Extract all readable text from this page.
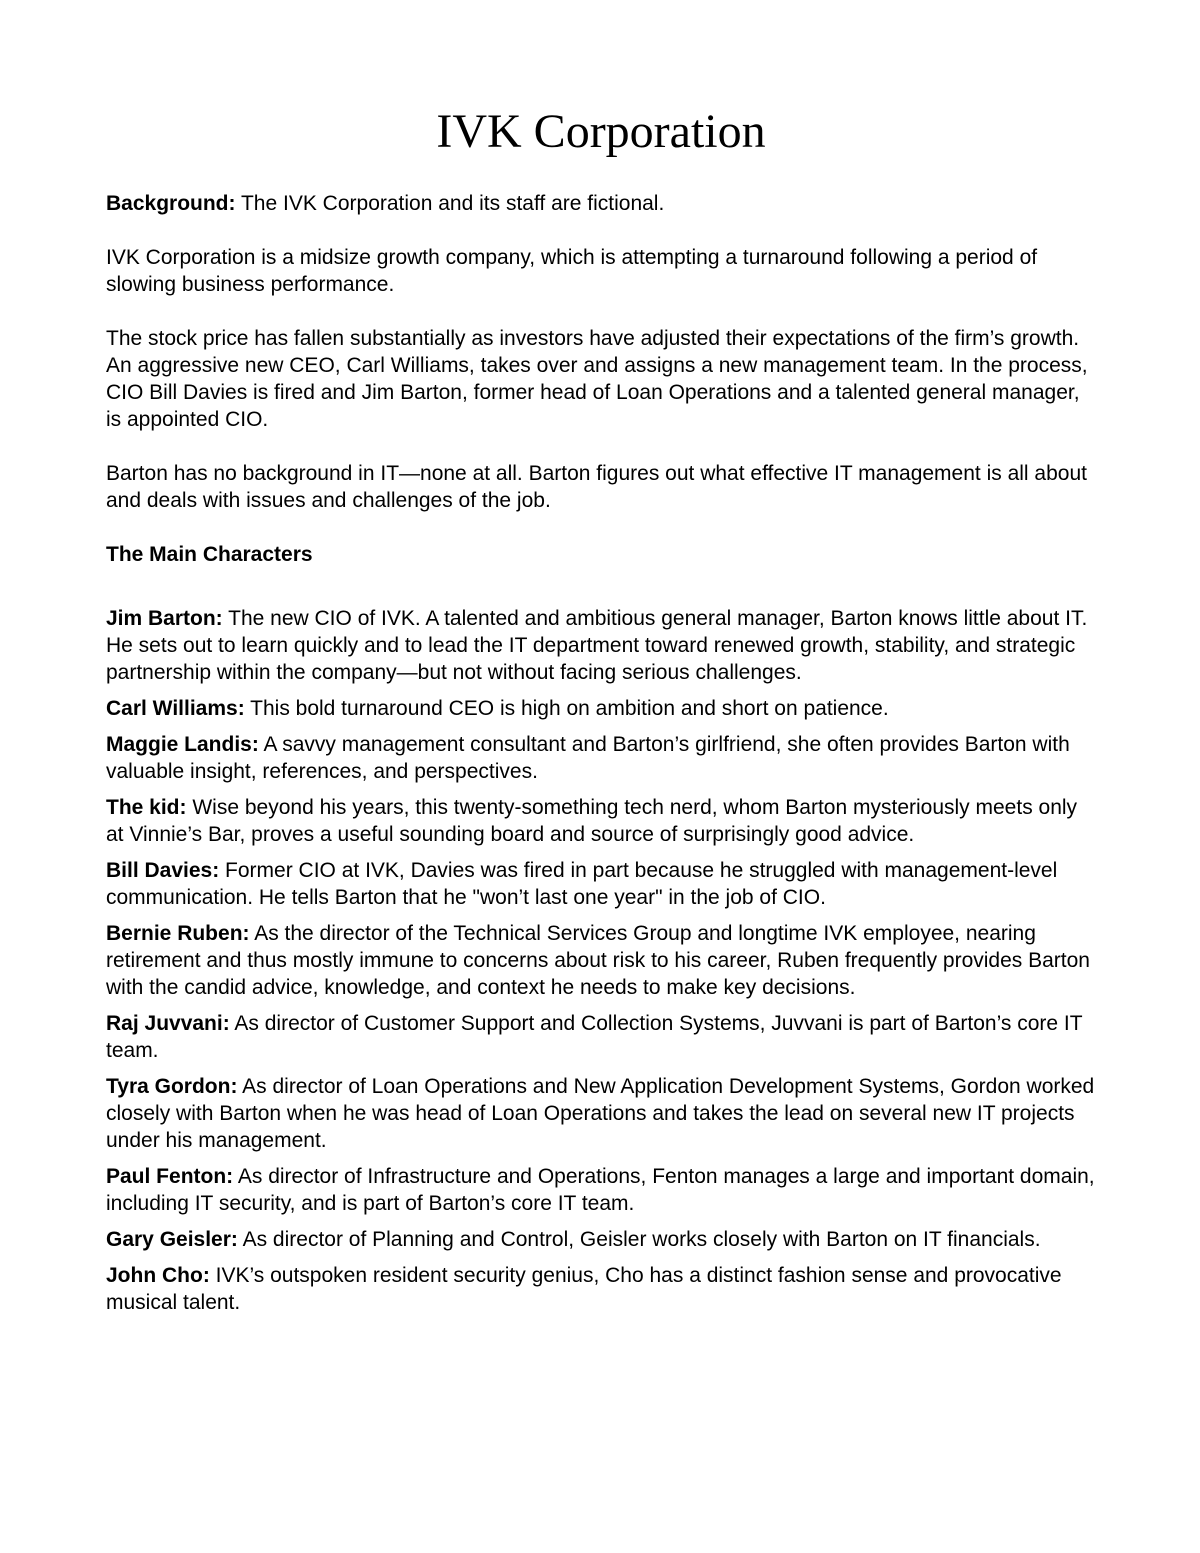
IVK Corporation

Background: The IVK Corporation and its staff are fictional.

IVK Corporation is a midsize growth company, which is attempting a turnaround following a period of slowing business performance.

The stock price has fallen substantially as investors have adjusted their expectations of the firm’s growth. An aggressive new CEO, Carl Williams, takes over and assigns a new management team. In the process, CIO Bill Davies is fired and Jim Barton, former head of Loan Operations and a talented general manager, is appointed CIO.

Barton has no background in IT—none at all. Barton figures out what effective IT management is all about and deals with issues and challenges of the job.

The Main Characters

Jim Barton: The new CIO of IVK. A talented and ambitious general manager, Barton knows little about IT. He sets out to learn quickly and to lead the IT department toward renewed growth, stability, and strategic partnership within the company—but not without facing serious challenges.

Carl Williams: This bold turnaround CEO is high on ambition and short on patience.

Maggie Landis: A savvy management consultant and Barton’s girlfriend, she often provides Barton with valuable insight, references, and perspectives.

The kid: Wise beyond his years, this twenty-something tech nerd, whom Barton mysteriously meets only at Vinnie’s Bar, proves a useful sounding board and source of surprisingly good advice.

Bill Davies: Former CIO at IVK, Davies was fired in part because he struggled with management-level communication. He tells Barton that he "won’t last one year" in the job of CIO.

Bernie Ruben: As the director of the Technical Services Group and longtime IVK employee, nearing retirement and thus mostly immune to concerns about risk to his career, Ruben frequently provides Barton with the candid advice, knowledge, and context he needs to make key decisions.

Raj Juvvani: As director of Customer Support and Collection Systems, Juvvani is part of Barton’s core IT team.

Tyra Gordon: As director of Loan Operations and New Application Development Systems, Gordon worked closely with Barton when he was head of Loan Operations and takes the lead on several new IT projects under his management.

Paul Fenton: As director of Infrastructure and Operations, Fenton manages a large and important domain, including IT security, and is part of Barton’s core IT team.

Gary Geisler: As director of Planning and Control, Geisler works closely with Barton on IT financials.

John Cho: IVK’s outspoken resident security genius, Cho has a distinct fashion sense and provocative musical talent.
